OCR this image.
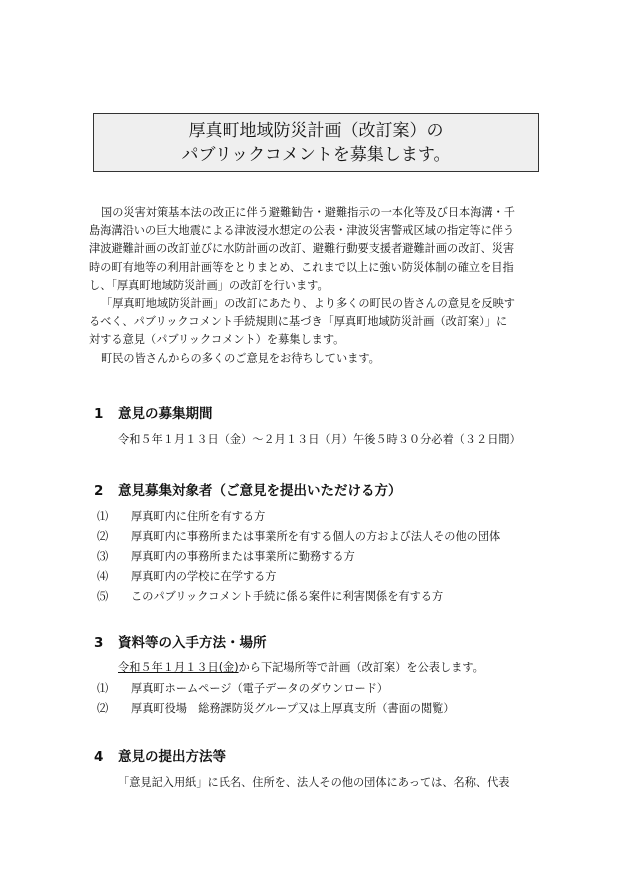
厚真町地域防災計画（改訂案）の
パブリックコメントを募集します。

国の災害対策基本法の改正に伴う避難勧告・避難指示の一本化等及び日本海溝・千

島海溝沿いの巨大地震による津波浸水想定の公表・津波災害警戒区域の指定等に伴う

津波避難計画の改訂並びに水防計画の改訂、避難行動要支援者避難計画の改訂、災害

時の町有地等の利用計画等をとりまとめ、これまで以上に強い防災体制の確立を目指

し、「厚真町地域防災計画」の改訂を行います。

「厚真町地域防災計画」の改訂にあたり、より多くの町民の皆さんの意見を反映す

るべく、パブリックコメント手続規則に基づき「厚真町地域防災計画（改訂案）」に

対する意見（パブリックコメント）を募集します。

町民の皆さんからの多くのご意見をお待ちしています。

1 意見の募集期間
令和５年１月１３日（金）～２月１３日（月）午後５時３０分必着（３２日間）
2 意見募集対象者（ご意見を提出いただける方）
⑴ 厚真町内に住所を有する方
⑵ 厚真町内に事務所または事業所を有する個人の方および法人その他の団体
⑶ 厚真町内の事務所または事業所に勤務する方
⑷ 厚真町内の学校に在学する方
⑸ このパブリックコメント手続に係る案件に利害関係を有する方
3 資料等の入手方法・場所
令和５年１月１３日(金)から下記場所等で計画（改訂案）を公表します。
⑴ 厚真町ホームページ（電子データのダウンロード）
⑵ 厚真町役場　総務課防災グループ又は上厚真支所（書面の閲覧）
4 意見の提出方法等
「意見記入用紙」に氏名、住所を、法人その他の団体にあっては、名称、代表
